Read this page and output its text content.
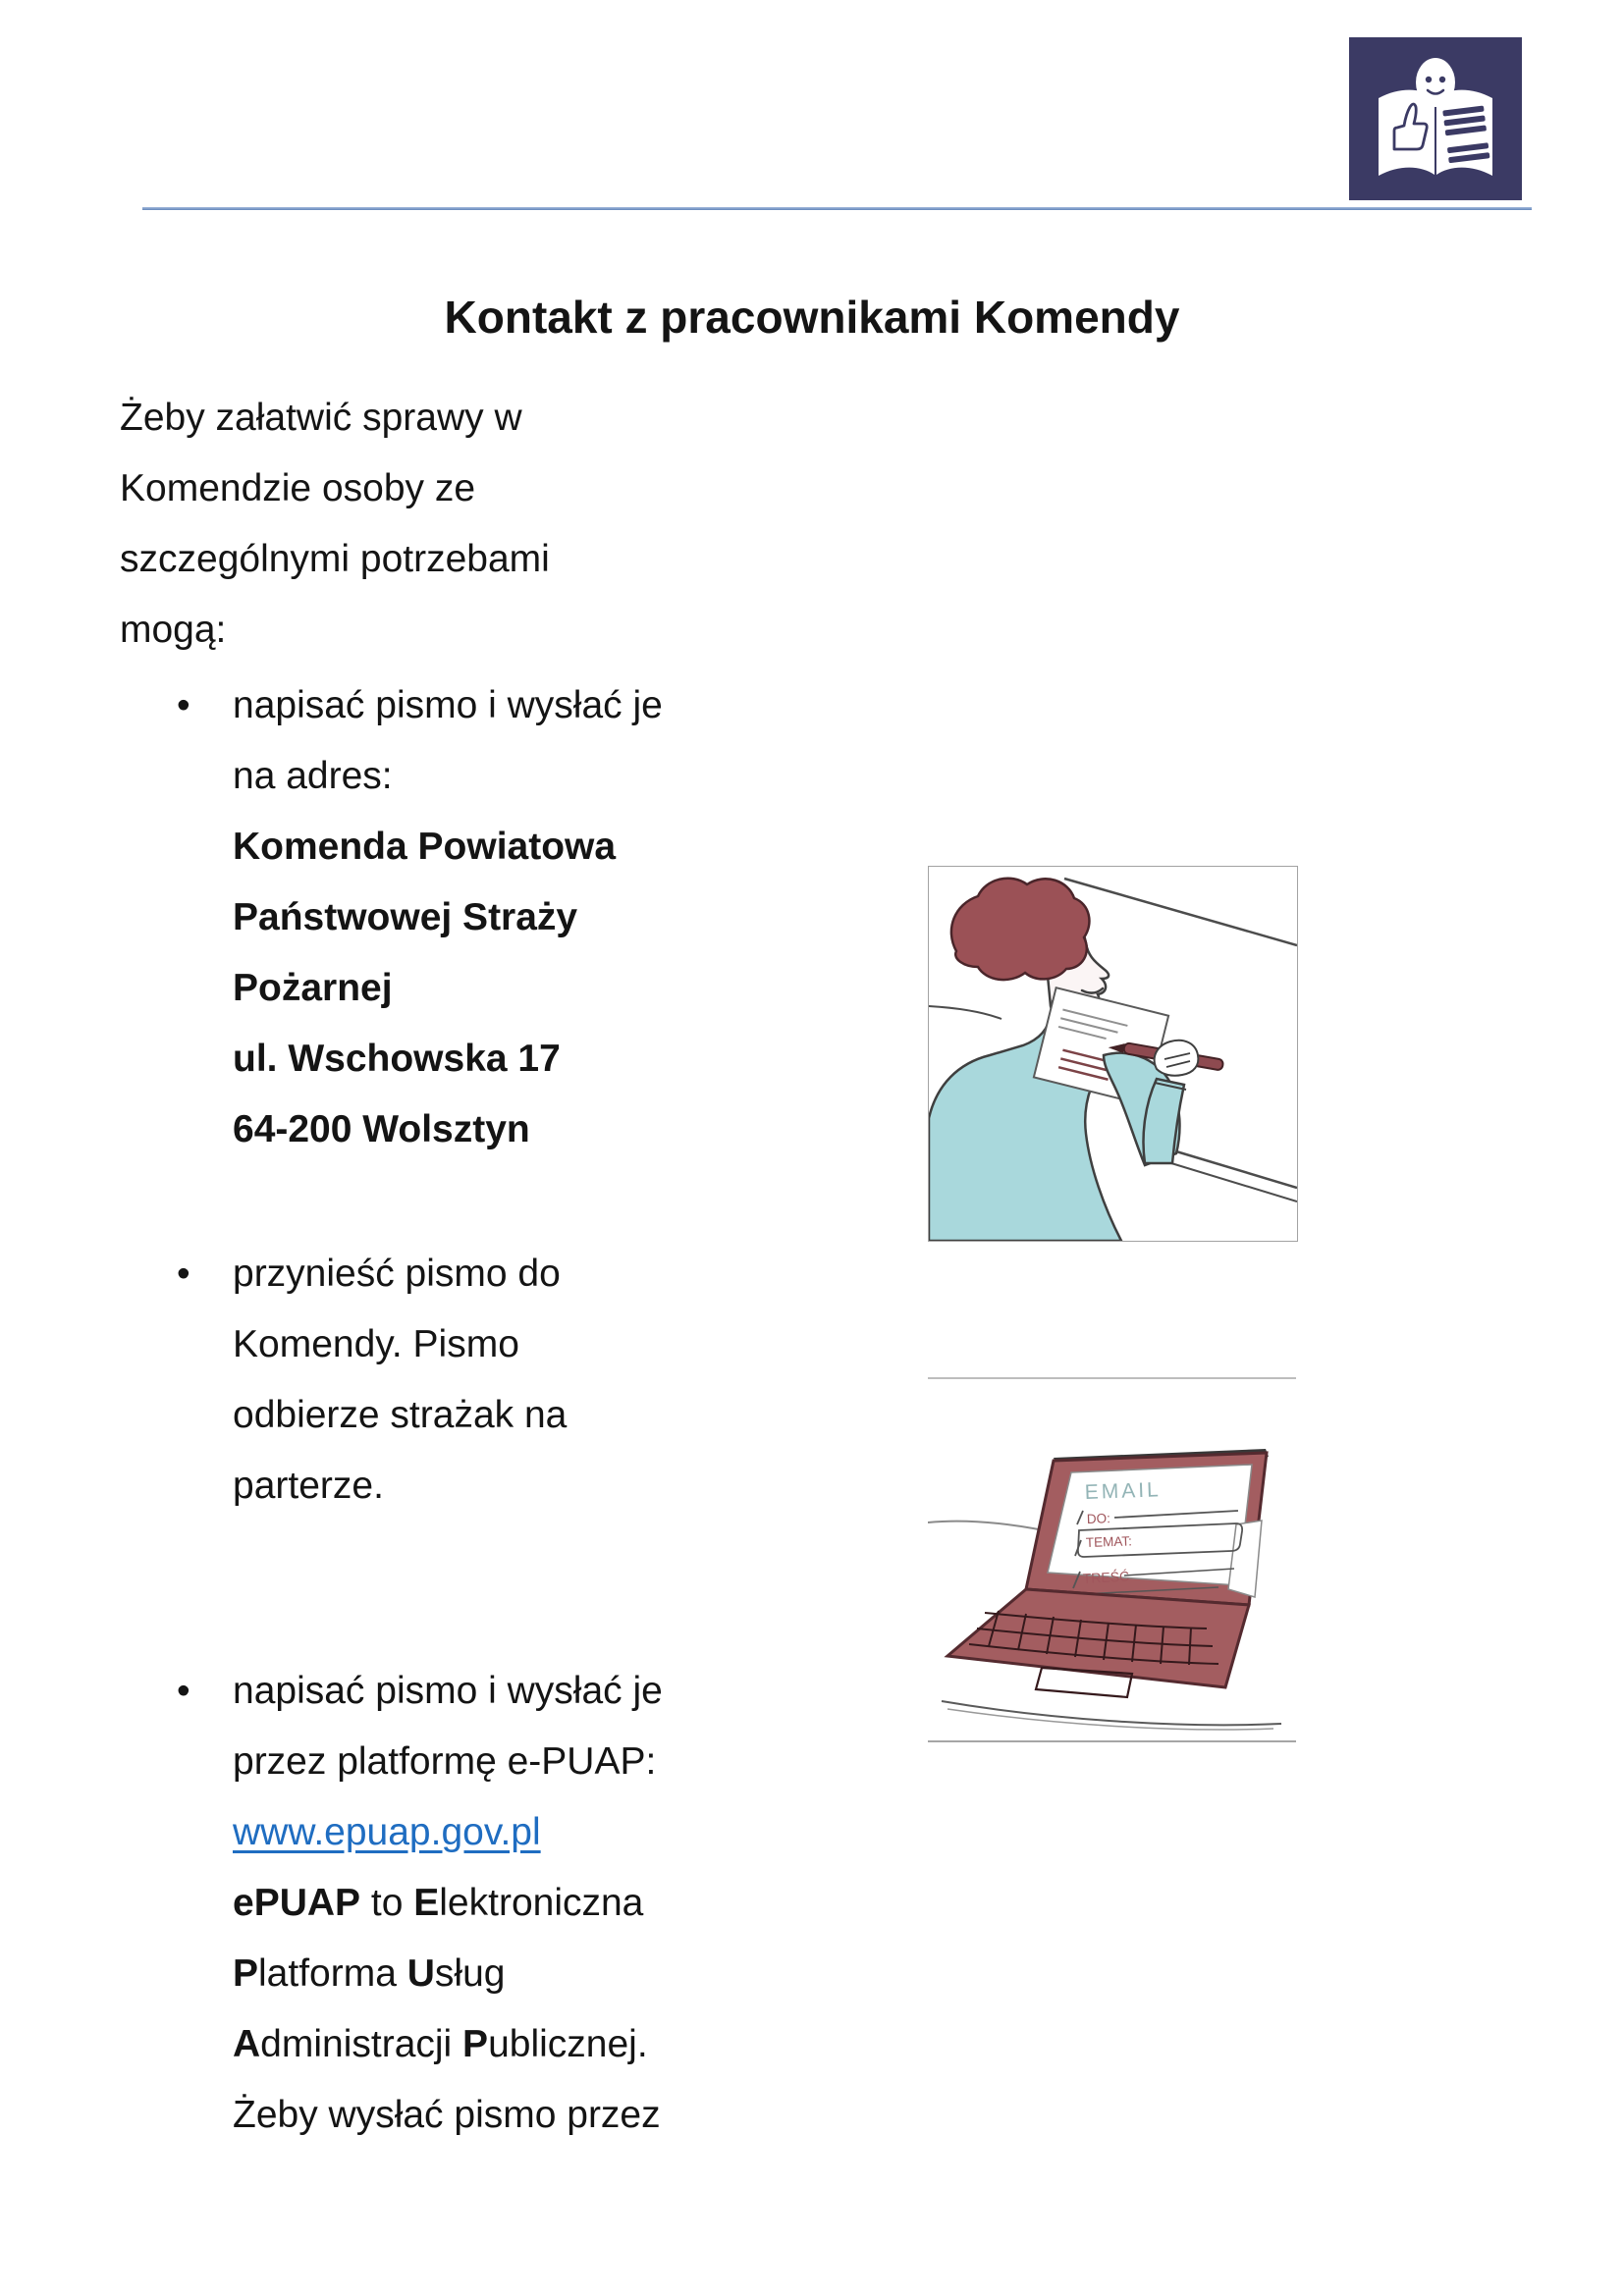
Kontakt z pracownikami Komendy
Żeby załatwić sprawy w
Komendzie osoby ze
szczególnymi potrzebami
mogą:
• napisać pismo i wysłać je
na adres:
Komenda Powiatowa
Państwowej Straży
Pożarnej
ul. Wschowska 17
64-200 Wolsztyn
• przynieść pismo do
Komendy. Pismo
odbierze strażak na
parterze.
• napisać pismo i wysłać je
przez platformę e-PUAP:
www.epuap.gov.pl
ePUAP to Elektroniczna
Platforma Usług
Administracji Publicznej.
Żeby wysłać pismo przez
EMAIL
DO:
TEMAT:
TREŚĆ
